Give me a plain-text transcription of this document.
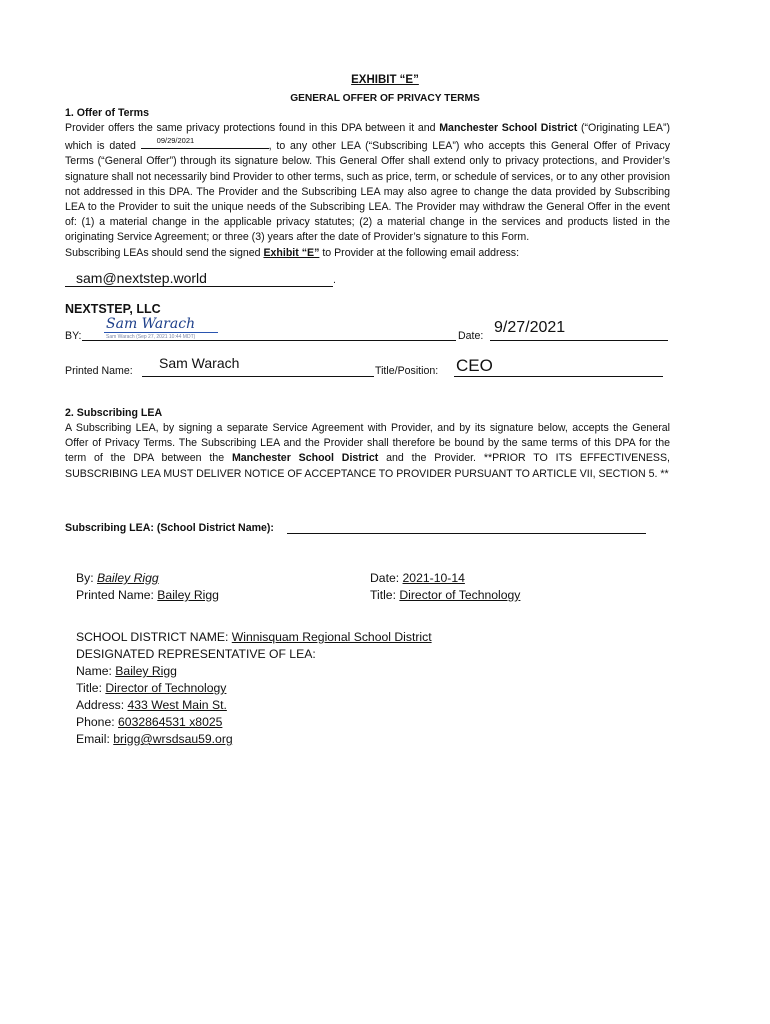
EXHIBIT “E”
GENERAL OFFER OF PRIVACY TERMS
1. Offer of Terms
Provider offers the same privacy protections found in this DPA between it and Manchester School District (“Originating LEA”) which is dated 09/29/2021	, to any other LEA (“Subscribing LEA”) who accepts this General Offer of Privacy Terms (“General Offer”) through its signature below. This General Offer shall extend only to privacy protections, and Provider’s signature shall not necessarily bind Provider to other terms, such as price, term, or schedule of services, or to any other provision not addressed in this DPA. The Provider and the Subscribing LEA may also agree to change the data provided by Subscribing LEA to the Provider to suit the unique needs of the Subscribing LEA. The Provider may withdraw the General Offer in the event of: (1) a material change in the applicable privacy statutes; (2) a material change in the services and products listed in the originating Service Agreement; or three (3) years after the date of Provider’s signature to this Form.
Subscribing LEAs should send the signed Exhibit “E” to Provider at the following email address:
.
sam@nextstep.world
NEXTSTEP, LLC
BY:
Sam Warach
Sam Warach (Sep 27, 2021 10:44 MDT)	Date: 9/27/2021
Printed Name: Sam Warach	Title/Position: CEO
2. Subscribing LEA
A Subscribing LEA, by signing a separate Service Agreement with Provider, and by its signature below, accepts the General Offer of Privacy Terms. The Subscribing LEA and the Provider shall therefore be bound by the same terms of this DPA for the term of the DPA between the Manchester School District and the Provider. **PRIOR TO ITS EFFECTIVENESS, SUBSCRIBING LEA MUST DELIVER NOTICE OF ACCEPTANCE TO PROVIDER PURSUANT TO ARTICLE VII, SECTION 5. **
Subscribing LEA: (School District Name):
By: Bailey Rigg	Date: 2021-10-14
Printed Name: Bailey Rigg	Title: Director of Technology
SCHOOL DISTRICT NAME: Winnisquam Regional School District
DESIGNATED REPRESENTATIVE OF LEA:
Name: Bailey Rigg
Title: Director of Technology
Address: 433 West Main St.
Phone: 6032864531 x8025
Email: brigg@wrsdsau59.org
